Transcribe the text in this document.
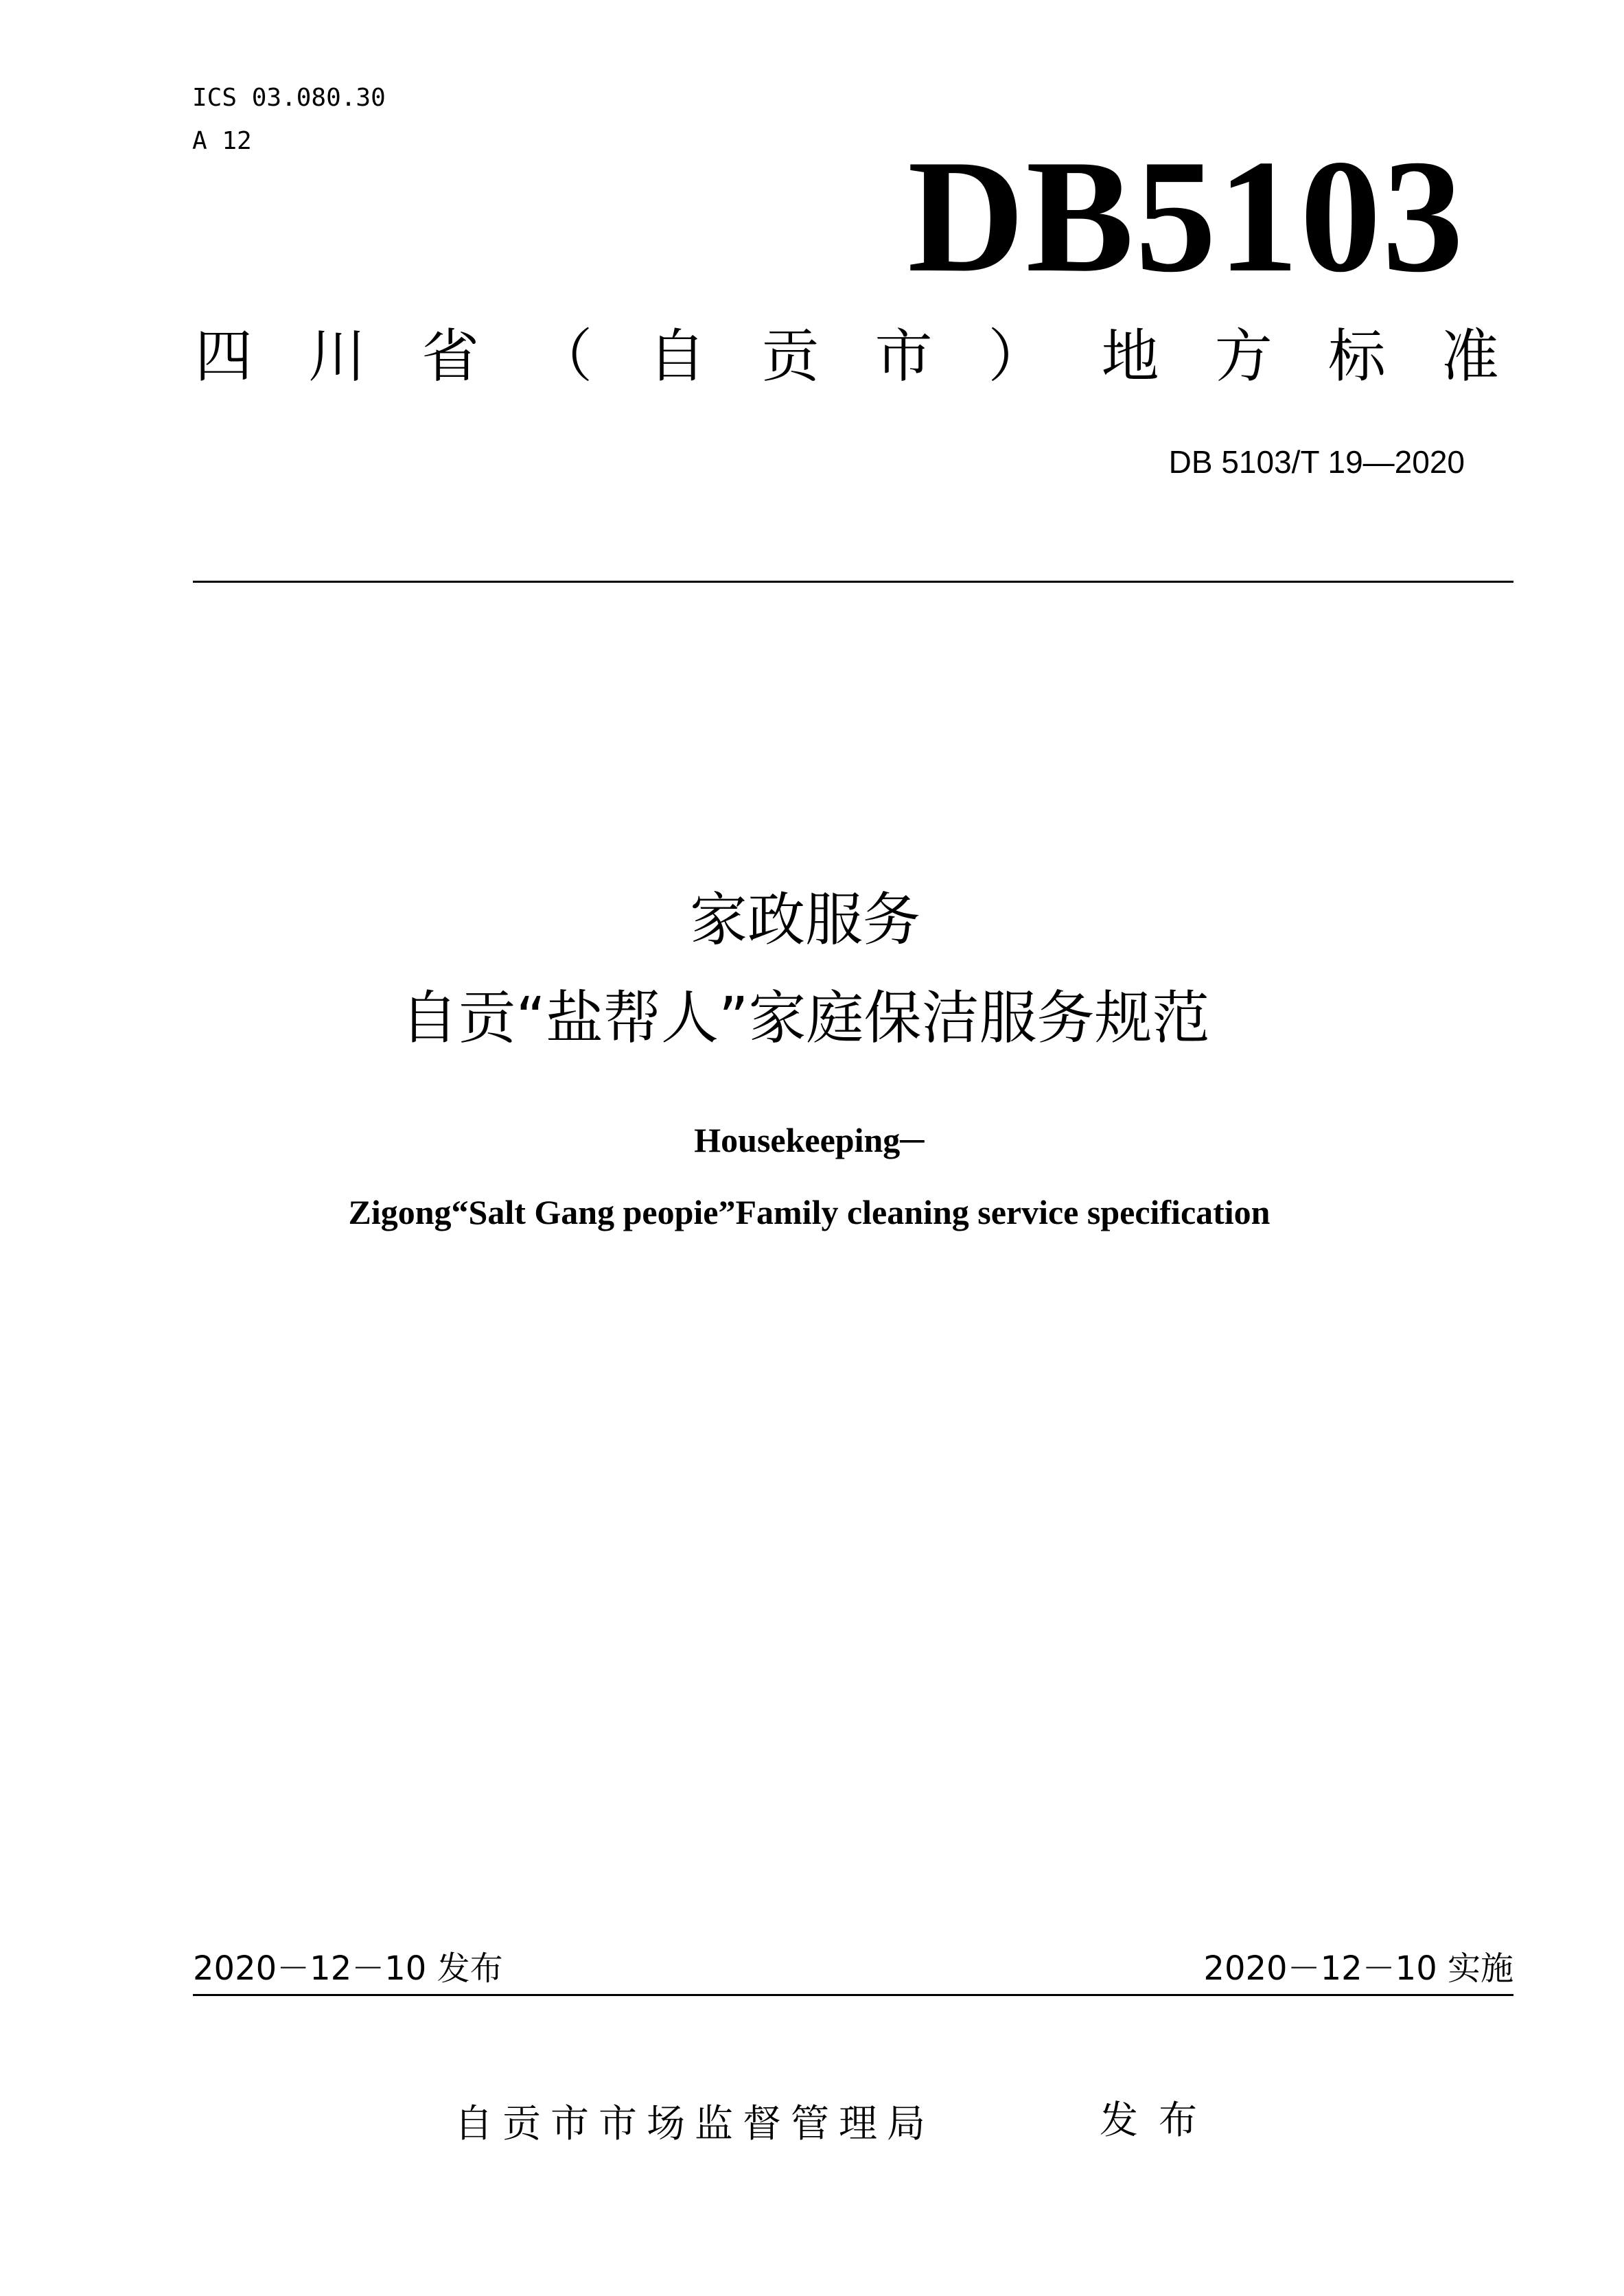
ICS 03.080.30
A 12	DB5103
四 川 省 （ 自 贡 市 ） 地 方 标 准
DB 5103/T 19—2020
家政服务
自贡“盐帮人”家庭保洁服务规范
Housekeeping─
Zigong“Salt Gang peopie”Family cleaning service specification
2020－12－10 发布	2020－12－10 实施
自贡市市场监督管理局	发布
